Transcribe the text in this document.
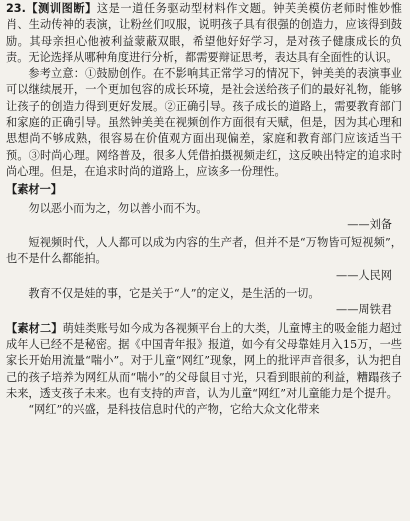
23.【测训图断】这是一道任务驱动型材料作文题。钟芙美模仿老师时惟妙惟肖、生动传神的表演，让粉丝们叹服，说明孩子具有很强的创造力，应该得到鼓励。其母亲担心他被利益蒙蔽双眼，希望他好好学习，是对孩子健康成长的负责。无论选择从哪种角度进行分析，都需要辩证思考，表达具有全面性的认识。

参考立意：①鼓励创作。在不影响其正常学习的情况下，钟美美的表演事业可以继续展开，一个更加包容的成长环境，是社会送给孩子们的最好礼物，能够让孩子的创造力得到更好发展。②正确引导。孩子成长的道路上，需要教育部门和家庭的正确引导。虽然钟美美在视频创作方面很有天赋，但是，因为其心理和思想尚不够成熟，很容易在价值观方面出现偏差，家庭和教育部门应该适当干预。③时尚心理。网络普及，很多人凭借拍摄视频走红，这反映出特定的追求时尚心理。但是，在追求时尚的道路上，应该多一份理性。

【素材一】

勿以恶小而为之，勿以善小而不为。

——刘备

短视频时代，人人都可以成为内容的生产者，但并不是“万物皆可短视频”，也不是什么都能拍。

——人民网

教育不仅是娃的事，它是关于“人”的定义，是生活的一切。

——周铁君

【素材二】萌娃类账号如今成为各视频平台上的大类，儿童博主的吸金能力超过成年人已经不是秘密。据《中国青年报》报道，如今有父母靠娃月入15万，一些家长开始用流量“喘小”。对于儿童“网红”现象，网上的批评声音很多，认为把自己的孩子培养为网红从而“喘小”的父母鼠目寸光，只看到眼前的利益，糟蹋孩子未来，透支孩子未来。也有支持的声音，认为儿童“网红”对儿童能力是个提升。

“网红”的兴盛，是科技信息时代的产物，它给大众文化带来
